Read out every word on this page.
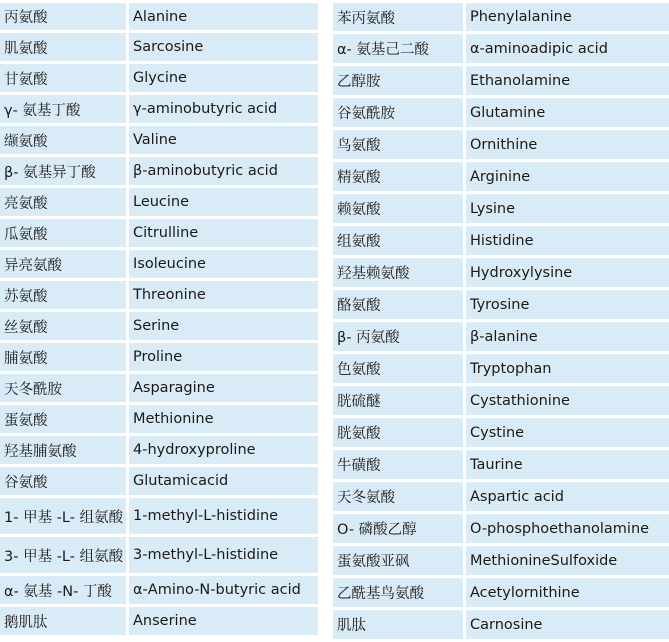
丙氨酸	Alanine
肌氨酸	Sarcosine
甘氨酸	Glycine
γ- 氨基丁酸	γ-aminobutyric acid
缬氨酸	Valine
β- 氨基异丁酸	β-aminobutyric acid
亮氨酸	Leucine
瓜氨酸	Citrulline
异亮氨酸	Isoleucine
苏氨酸	Threonine
丝氨酸	Serine
脯氨酸	Proline
天冬酰胺	Asparagine
蛋氨酸	Methionine
羟基脯氨酸	4-hydroxyproline
谷氨酸	Glutamicacid
1- 甲基 -L- 组氨酸	1-methyl-L-histidine
3- 甲基 -L- 组氨酸	3-methyl-L-histidine
α- 氨基 -N- 丁酸	α-Amino-N-butyric acid
鹅肌肽	Anserine
苯丙氨酸	Phenylalanine
α- 氨基己二酸	α-aminoadipic acid
乙醇胺	Ethanolamine
谷氨酰胺	Glutamine
鸟氨酸	Ornithine
精氨酸	Arginine
赖氨酸	Lysine
组氨酸	Histidine
羟基赖氨酸	Hydroxylysine
酪氨酸	Tyrosine
β- 丙氨酸	β-alanine
色氨酸	Tryptophan
胱硫醚	Cystathionine
胱氨酸	Cystine
牛磺酸	Taurine
天冬氨酸	Aspartic acid
O- 磷酸乙醇	O-phosphoethanolamine
蛋氨酸亚砜	MethionineSulfoxide
乙酰基鸟氨酸	Acetylornithine
肌肽	Carnosine
